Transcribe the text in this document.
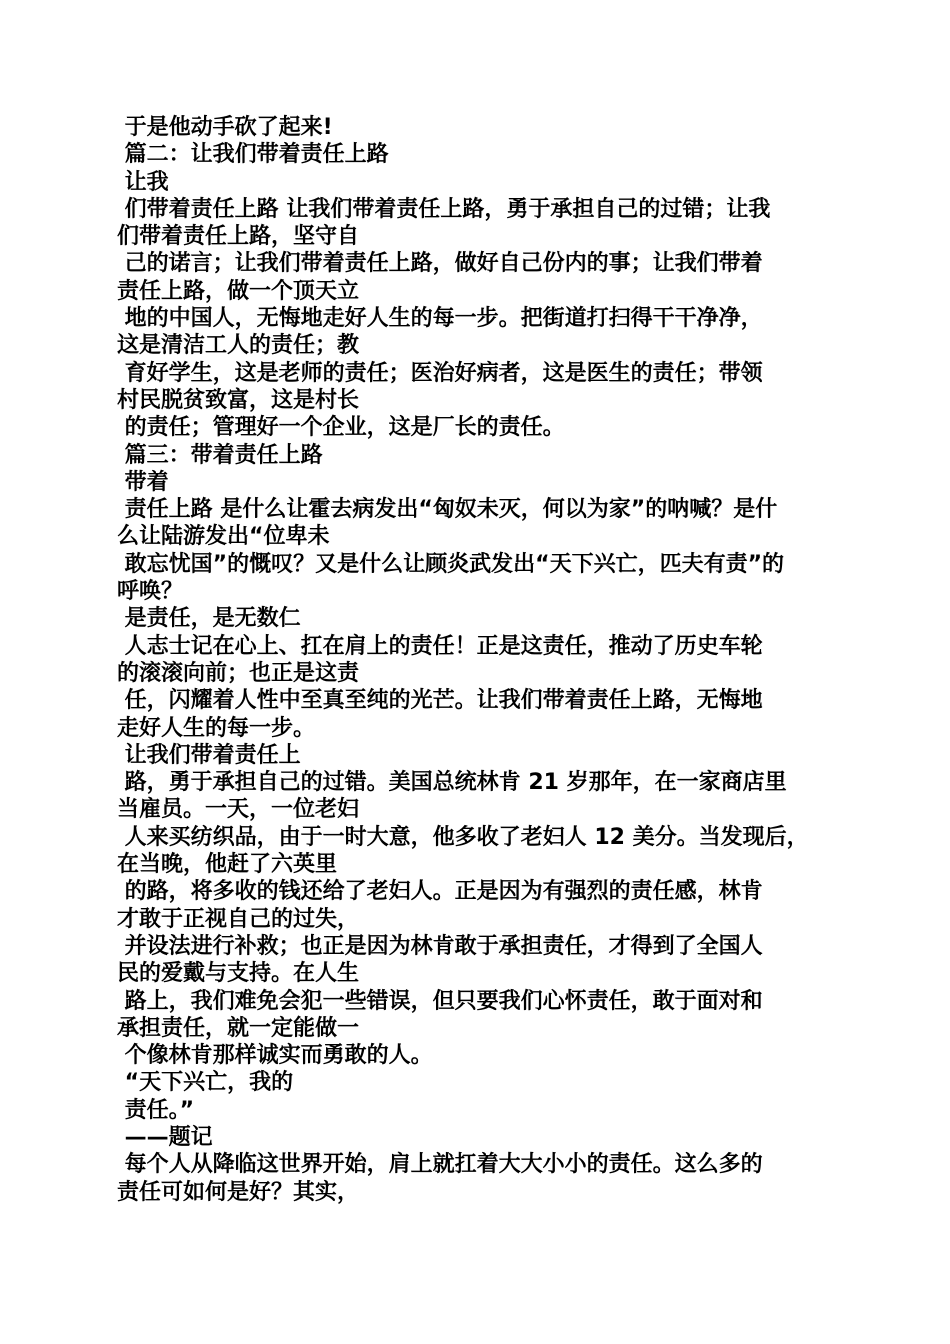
于是他动手砍了起来!
篇二：让我们带着责任上路
让我
们带着责任上路 让我们带着责任上路，勇于承担自己的过错；让我
们带着责任上路，坚守自
己的诺言；让我们带着责任上路，做好自己份内的事；让我们带着
责任上路，做一个顶天立
地的中国人，无悔地走好人生的每一步。把街道打扫得干干净净，
这是清洁工人的责任；教
育好学生，这是老师的责任；医治好病者，这是医生的责任；带领
村民脱贫致富，这是村长
的责任；管理好一个企业，这是厂长的责任。
篇三：带着责任上路
带着
责任上路 是什么让霍去病发出“匈奴未灭，何以为家”的呐喊？是什
么让陆游发出“位卑未
敢忘忧国”的慨叹？又是什么让顾炎武发出“天下兴亡，匹夫有责”的
呼唤？
是责任，是无数仁
人志士记在心上、扛在肩上的责任！正是这责任，推动了历史车轮
的滚滚向前；也正是这责
任，闪耀着人性中至真至纯的光芒。让我们带着责任上路，无悔地
走好人生的每一步。
让我们带着责任上
路，勇于承担自己的过错。美国总统林肯 21 岁那年，在一家商店里
当雇员。一天，一位老妇
人来买纺织品，由于一时大意，他多收了老妇人 12 美分。当发现后，
在当晚，他赶了六英里
的路，将多收的钱还给了老妇人。正是因为有强烈的责任感，林肯
才敢于正视自己的过失，
并设法进行补救；也正是因为林肯敢于承担责任，才得到了全国人
民的爱戴与支持。在人生
路上，我们难免会犯一些错误，但只要我们心怀责任，敢于面对和
承担责任，就一定能做一
个像林肯那样诚实而勇敢的人。
“天下兴亡，我的
责任。”
——题记
每个人从降临这世界开始，肩上就扛着大大小小的责任。这么多的
责任可如何是好？其实，
